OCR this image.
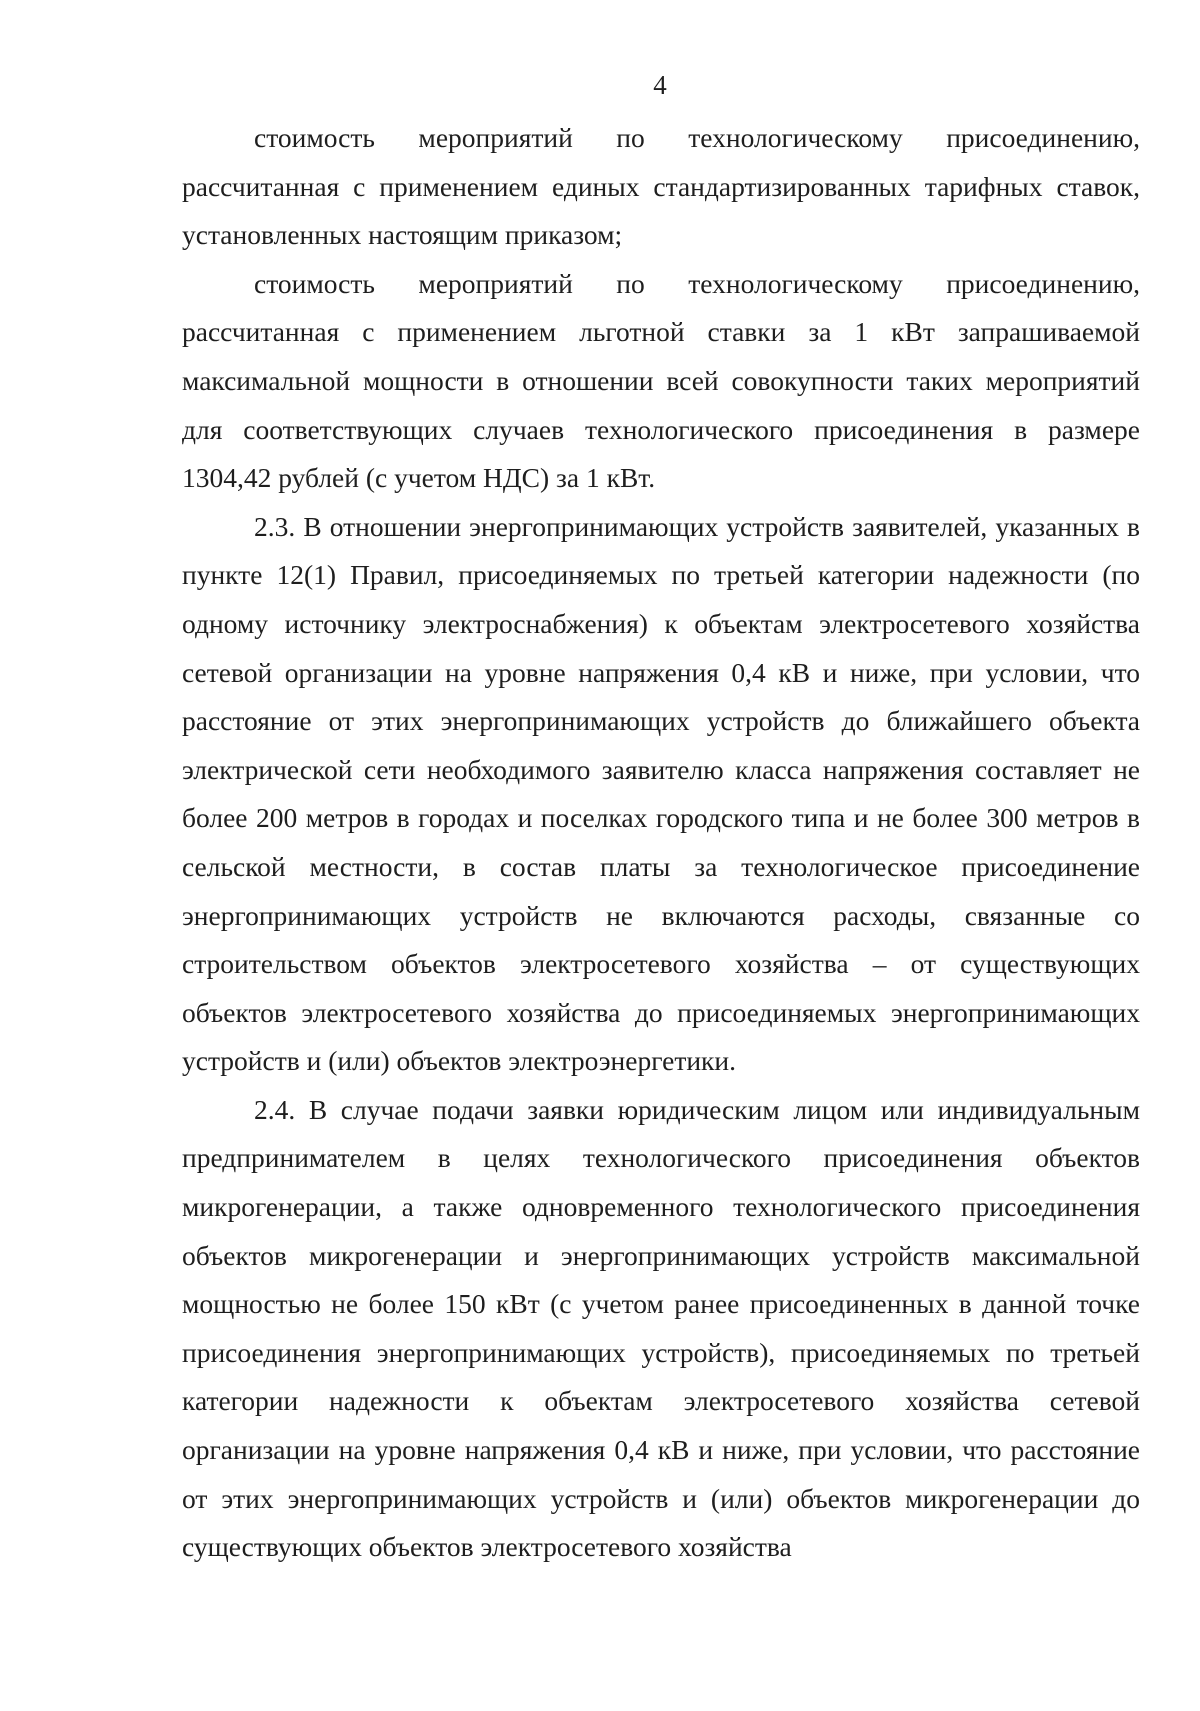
4

стоимость мероприятий по технологическому присоединению, рассчитанная с применением единых стандартизированных тарифных ставок, установленных настоящим приказом;

стоимость мероприятий по технологическому присоединению, рассчитанная с применением льготной ставки за 1 кВт запрашиваемой максимальной мощности в отношении всей совокупности таких мероприятий для соответствующих случаев технологического присоединения в размере 1304,42 рублей (с учетом НДС) за 1 кВт.

2.3. В отношении энергопринимающих устройств заявителей, указанных в пункте 12(1) Правил, присоединяемых по третьей категории надежности (по одному источнику электроснабжения) к объектам электросетевого хозяйства сетевой организации на уровне напряжения 0,4 кВ и ниже, при условии, что расстояние от этих энергопринимающих устройств до ближайшего объекта электрической сети необходимого заявителю класса напряжения составляет не более 200 метров в городах и поселках городского типа и не более 300 метров в сельской местности, в состав платы за технологическое присоединение энергопринимающих устройств не включаются расходы, связанные со строительством объектов электросетевого хозяйства – от существующих объектов электросетевого хозяйства до присоединяемых энергопринимающих устройств и (или) объектов электроэнергетики.

2.4. В случае подачи заявки юридическим лицом или индивидуальным предпринимателем в целях технологического присоединения объектов микрогенерации, а также одновременного технологического присоединения объектов микрогенерации и энергопринимающих устройств максимальной мощностью не более 150 кВт (с учетом ранее присоединенных в данной точке присоединения энергопринимающих устройств), присоединяемых по третьей категории надежности к объектам электросетевого хозяйства сетевой организации на уровне напряжения 0,4 кВ и ниже, при условии, что расстояние от этих энергопринимающих устройств и (или) объектов микрогенерации до существующих объектов электросетевого хозяйства
